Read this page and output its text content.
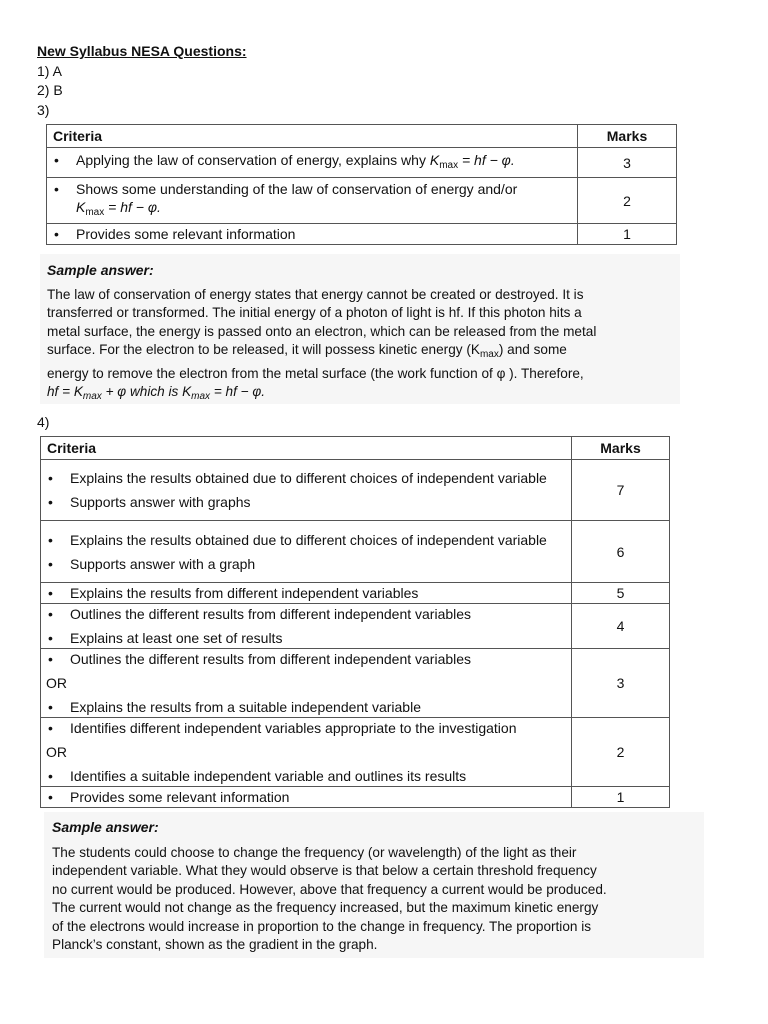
New Syllabus NESA Questions:
1) A
2) B
3)
Criteria	Marks

• Applying the law of conservation of energy, explains why $K_{max}$ = hf − φ.	3

• Shows some understanding of the law of conservation of energy and/or
$K_{max}$ = hf − φ.	2

• Provides some relevant information	1
Sample answer:

The law of conservation of energy states that energy cannot be created or destroyed. It is

transferred or transformed. The initial energy of a photon of light is hf. If this photon hits a

metal surface, the energy is passed onto an electron, which can be released from the metal

surface. For the electron to be released, it will possess kinetic energy $(K_{max})$ and some

energy to remove the electron from the metal surface (the work function of φ ). Therefore,

hf = $K_{max} + \varphi$ which is $K_{max}$ = hf − φ.

4)
Criteria	Marks

• Explains the results obtained due to different choices of independent variable
• Supports answer with graphs	7

• Explains the results obtained due to different choices of independent variable
• Supports answer with a graph	6

• Explains the results from different independent variables	5

• Outlines the different results from different independent variables
• Explains at least one set of results	4

• Outlines the different results from different independent variables
OR
• Explains the results from a suitable independent variable	3

• Identifies different independent variables appropriate to the investigation
OR
• Identifies a suitable independent variable and outlines its results	2

• Provides some relevant information	1
Sample answer:

The students could choose to change the frequency (or wavelength) of the light as their

independent variable. What they would observe is that below a certain threshold frequency

no current would be produced. However, above that frequency a current would be produced.

The current would not change as the frequency increased, but the maximum kinetic energy

of the electrons would increase in proportion to the change in frequency. The proportion is

Planck’s constant, shown as the gradient in the graph.
